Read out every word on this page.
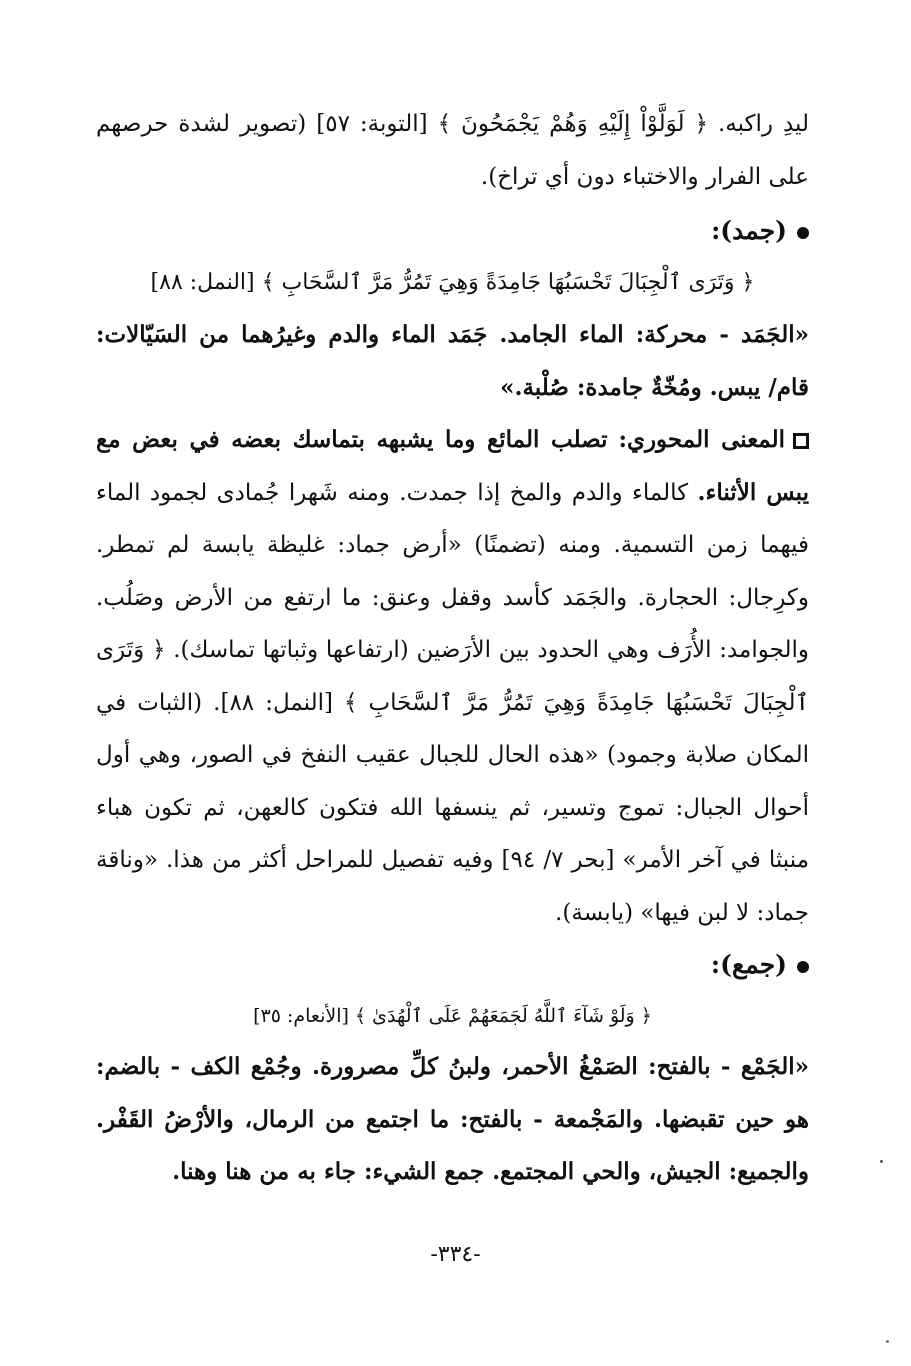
ليدِ راكبه. ﴿ لَوَلَّوْاْ إِلَيْهِ وَهُمْ يَجْمَحُونَ ﴾ [التوبة: ٥٧] (تصوير لشدة حرصهم على الفرار والاختباء دون أي تراخ).

(جمد):
﴿ وَتَرَى ٱلْجِبَالَ تَحْسَبُهَا جَامِدَةً وَهِيَ تَمُرُّ مَرَّ ٱلسَّحَابِ ﴾ [النمل: ٨٨]

«الجَمَد - محركة: الماء الجامد. جَمَد الماء والدم وغيرُهما من السَيّالات: قام/ يبس. ومُخّةٌ جامدة: صُلْبة.»

المعنى المحوري: تصلب المائع وما يشبهه بتماسك بعضه في بعض مع يبس الأثناء. كالماء والدم والمخ إذا جمدت. ومنه شَهرا جُمادى لجمود الماء فيهما زمن التسمية. ومنه (تضمنًا) «أرض جماد: غليظة يابسة لم تمطر. وكرِجال: الحجارة. والجَمَد كأسد وقفل وعنق: ما ارتفع من الأرض وصَلُب. والجوامد: الأُرَف وهي الحدود بين الأرَضين (ارتفاعها وثباتها تماسك). ﴿ وَتَرَى ٱلْجِبَالَ تَحْسَبُهَا جَامِدَةً وَهِيَ تَمُرُّ مَرَّ ٱلسَّحَابِ ﴾ [النمل: ٨٨]. (الثبات في المكان صلابة وجمود) «هذه الحال للجبال عقيب النفخ في الصور، وهي أول أحوال الجبال: تموج وتسير، ثم ينسفها الله فتكون كالعهن، ثم تكون هباء منبثا في آخر الأمر» [بحر ٧/ ٩٤] وفيه تفصيل للمراحل أكثر من هذا. «وناقة جماد: لا لبن فيها» (يابسة).

(جمع):
﴿ وَلَوْ شَآءَ ٱللَّهُ لَجَمَعَهُمْ عَلَى ٱلْهُدَىٰ ﴾ [الأنعام: ٣٥]

«الجَمْع - بالفتح: الصَمْغُ الأحمر، ولبنُ كلِّ مصرورة. وجُمْع الكف - بالضم: هو حين تقبضها. والمَجْمعة - بالفتح: ما اجتمع من الرمال، والأرْضُ القَفْر. والجميع: الجيش، والحي المجتمع. جمع الشيء: جاء به من هنا وهنا.

-٣٣٤-
